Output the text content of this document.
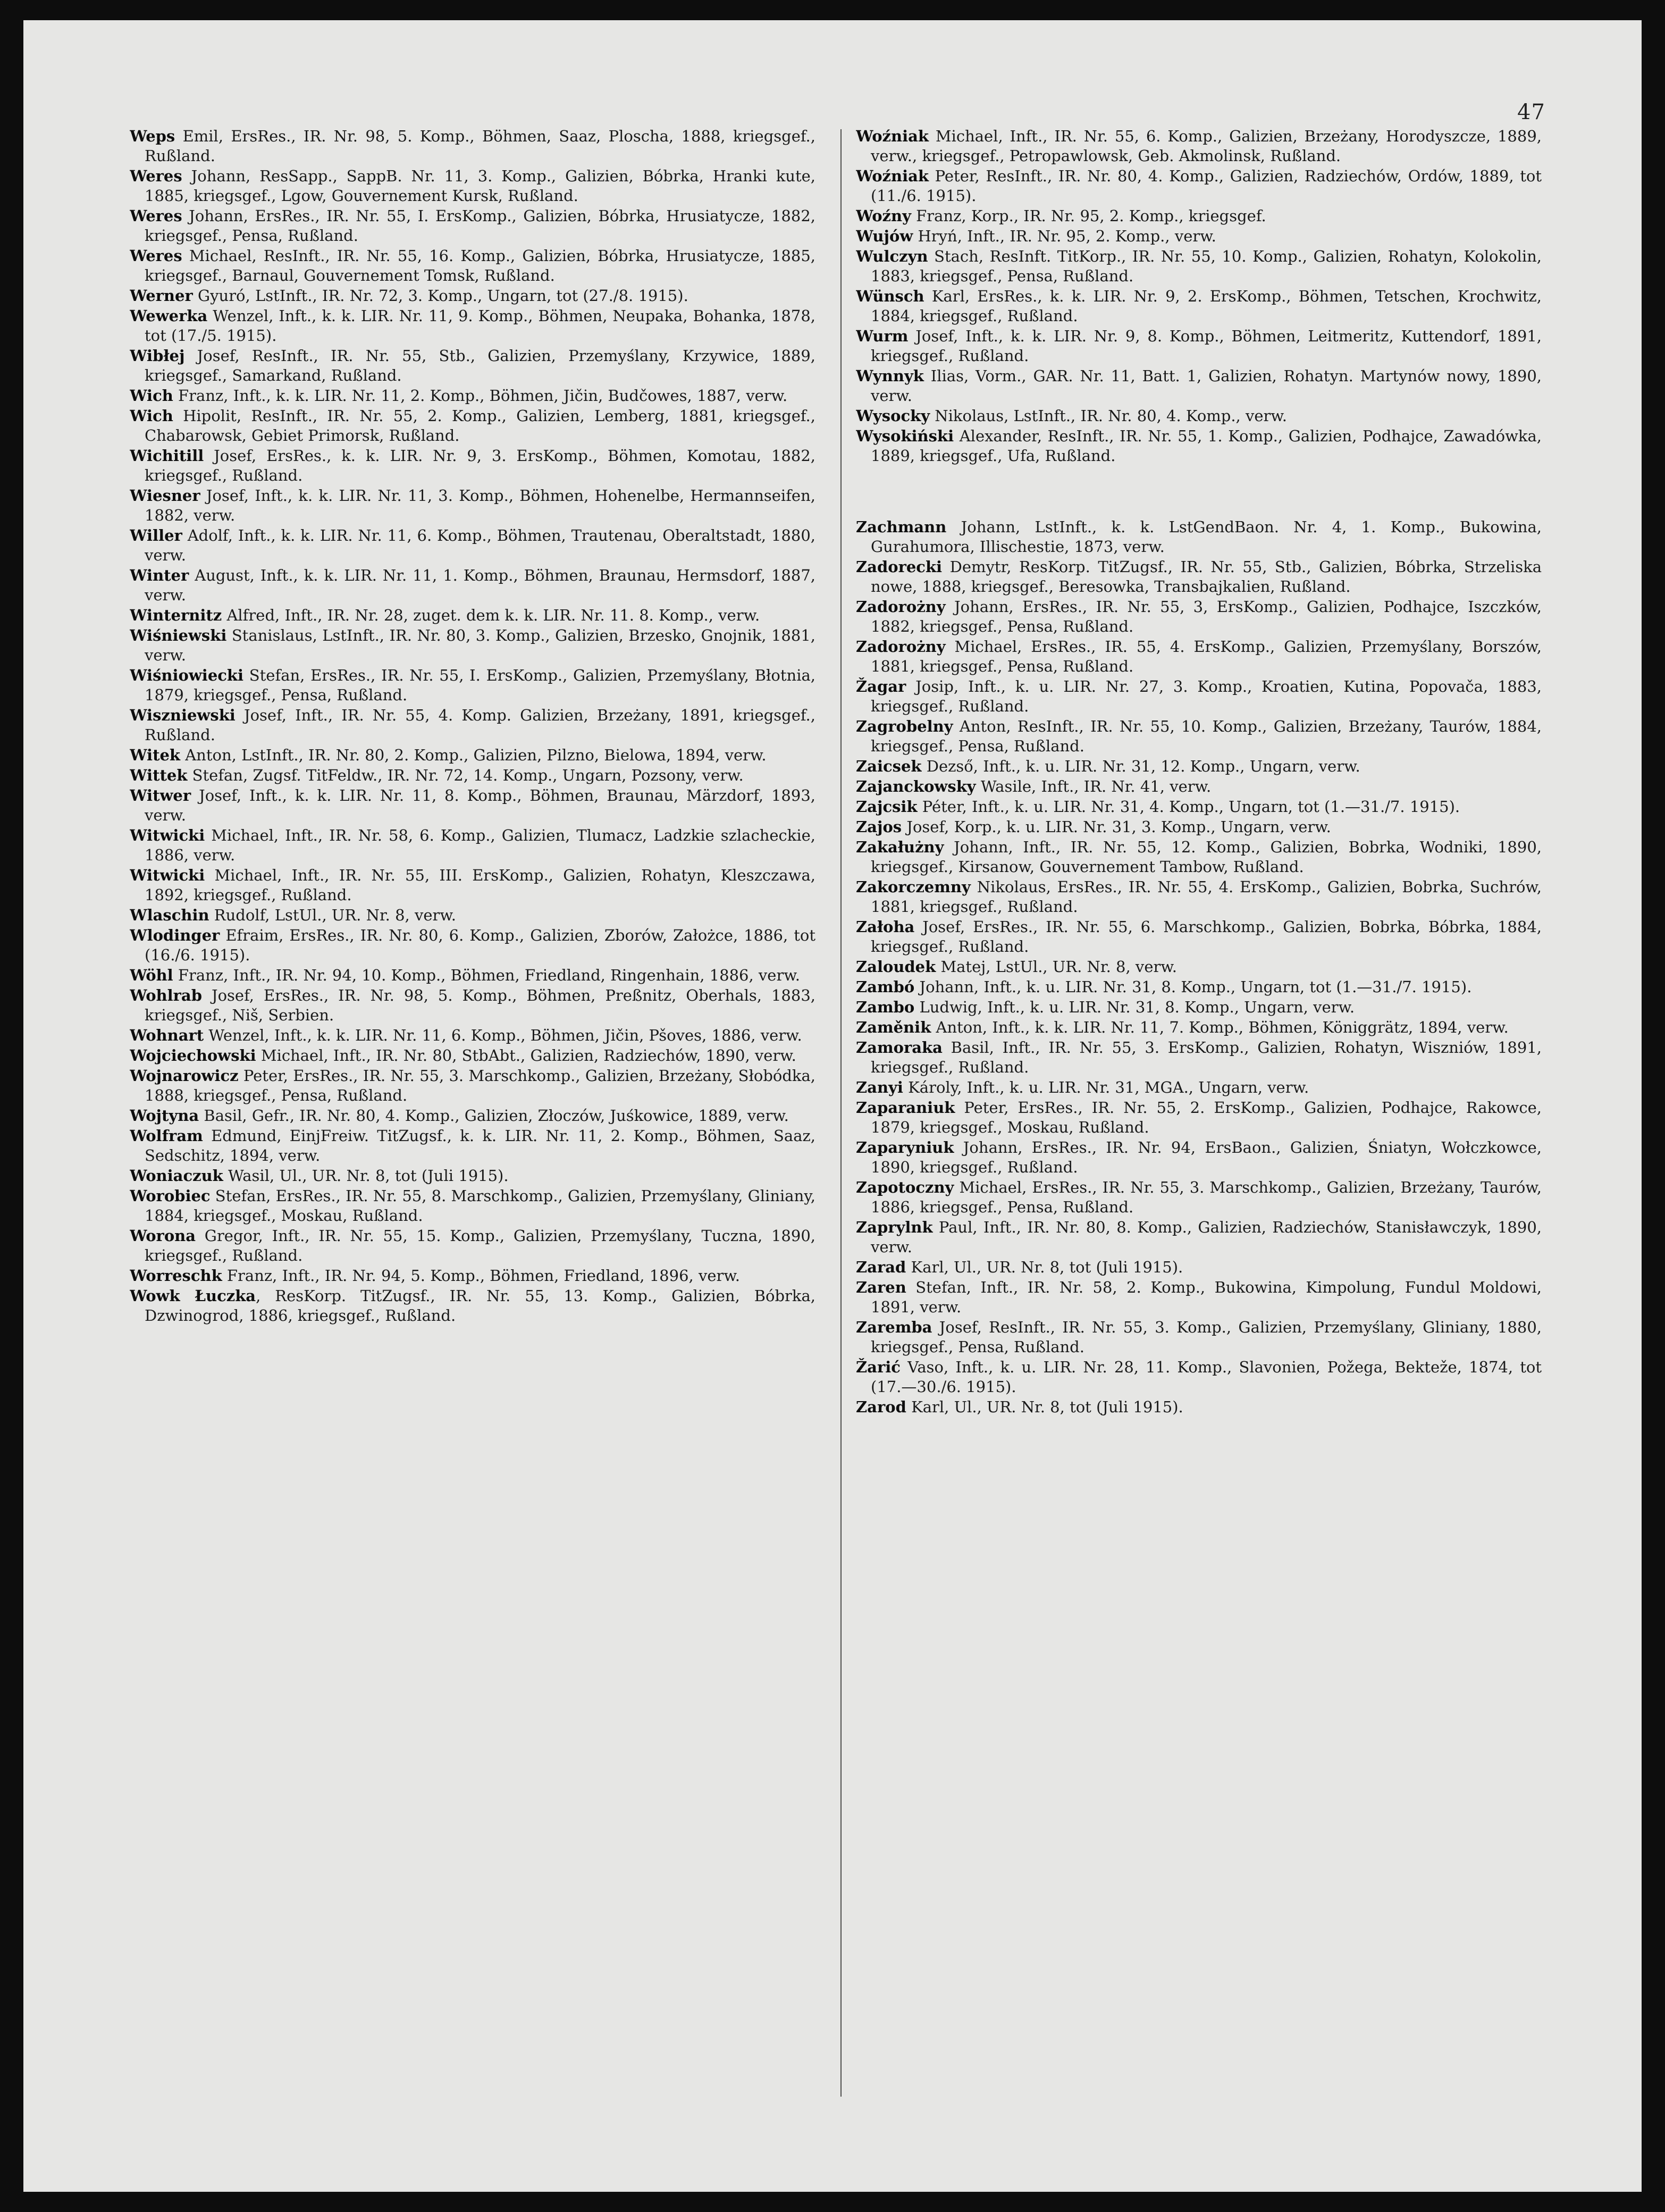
47

Weps Emil, ErsRes., IR. Nr. 98, 5. Komp., Böhmen, Saaz, Ploscha, 1888, kriegsgef., Rußland.

Weres Johann, ResSapp., SappB. Nr. 11, 3. Komp., Galizien, Bóbrka, Hranki kute, 1885, kriegsgef., Lgow, Gouvernement Kursk, Rußland.

Weres Johann, ErsRes., IR. Nr. 55, I. ErsKomp., Galizien, Bóbrka, Hrusiatycze, 1882, kriegsgef., Pensa, Rußland.

Weres Michael, ResInft., IR. Nr. 55, 16. Komp., Galizien, Bóbrka, Hrusiatycze, 1885, kriegsgef., Barnaul, Gouvernement Tomsk, Rußland.

Werner Gyuró, LstInft., IR. Nr. 72, 3. Komp., Ungarn, tot (27./8. 1915).

Wewerka Wenzel, Inft., k. k. LIR. Nr. 11, 9. Komp., Böhmen, Neupaka, Bohanka, 1878, tot (17./5. 1915).

Wibłej Josef, ResInft., IR. Nr. 55, Stb., Galizien, Przemyślany, Krzywice, 1889, kriegsgef., Samarkand, Rußland.

Wich Franz, Inft., k. k. LIR. Nr. 11, 2. Komp., Böhmen, Jičin, Budčowes, 1887, verw.

Wich Hipolit, ResInft., IR. Nr. 55, 2. Komp., Galizien, Lemberg, 1881, kriegsgef., Chabarowsk, Gebiet Primorsk, Rußland.

Wichitill Josef, ErsRes., k. k. LIR. Nr. 9, 3. ErsKomp., Böhmen, Komotau, 1882, kriegsgef., Rußland.

Wiesner Josef, Inft., k. k. LIR. Nr. 11, 3. Komp., Böhmen, Hohenelbe, Hermannseifen, 1882, verw.

Willer Adolf, Inft., k. k. LIR. Nr. 11, 6. Komp., Böhmen, Trautenau, Oberaltstadt, 1880, verw.

Winter August, Inft., k. k. LIR. Nr. 11, 1. Komp., Böhmen, Braunau, Hermsdorf, 1887, verw.

Winternitz Alfred, Inft., IR. Nr. 28, zuget. dem k. k. LIR. Nr. 11. 8. Komp., verw.

Wiśniewski Stanislaus, LstInft., IR. Nr. 80, 3. Komp., Galizien, Brzesko, Gnojnik, 1881, verw.

Wiśniowiecki Stefan, ErsRes., IR. Nr. 55, I. ErsKomp., Galizien, Przemyślany, Błotnia, 1879, kriegsgef., Pensa, Rußland.

Wiszniewski Josef, Inft., IR. Nr. 55, 4. Komp. Galizien, Brzeżany, 1891, kriegsgef., Rußland.

Witek Anton, LstInft., IR. Nr. 80, 2. Komp., Galizien, Pilzno, Bielowa, 1894, verw.

Wittek Stefan, Zugsf. TitFeldw., IR. Nr. 72, 14. Komp., Ungarn, Pozsony, verw.

Witwer Josef, Inft., k. k. LIR. Nr. 11, 8. Komp., Böhmen, Braunau, Märzdorf, 1893, verw.

Witwicki Michael, Inft., IR. Nr. 58, 6. Komp., Galizien, Tlumacz, Ladzkie szlacheckie, 1886, verw.

Witwicki Michael, Inft., IR. Nr. 55, III. ErsKomp., Galizien, Rohatyn, Kleszczawa, 1892, kriegsgef., Rußland.

Wlaschin Rudolf, LstUl., UR. Nr. 8, verw.

Wlodinger Efraim, ErsRes., IR. Nr. 80, 6. Komp., Galizien, Zborów, Założce, 1886, tot (16./6. 1915).

Wöhl Franz, Inft., IR. Nr. 94, 10. Komp., Böhmen, Friedland, Ringenhain, 1886, verw.

Wohlrab Josef, ErsRes., IR. Nr. 98, 5. Komp., Böhmen, Preßnitz, Oberhals, 1883, kriegsgef., Niš, Serbien.

Wohnart Wenzel, Inft., k. k. LIR. Nr. 11, 6. Komp., Böhmen, Jičin, Pšoves, 1886, verw.

Wojciechowski Michael, Inft., IR. Nr. 80, StbAbt., Galizien, Radziechów, 1890, verw.

Wojnarowicz Peter, ErsRes., IR. Nr. 55, 3. Marschkomp., Galizien, Brzeżany, Słobódka, 1888, kriegsgef., Pensa, Rußland.

Wojtyna Basil, Gefr., IR. Nr. 80, 4. Komp., Galizien, Złoczów, Juśkowice, 1889, verw.

Wolfram Edmund, EinjFreiw. TitZugsf., k. k. LIR. Nr. 11, 2. Komp., Böhmen, Saaz, Sedschitz, 1894, verw.

Woniaczuk Wasil, Ul., UR. Nr. 8, tot (Juli 1915).

Worobiec Stefan, ErsRes., IR. Nr. 55, 8. Marschkomp., Galizien, Przemyślany, Gliniany, 1884, kriegsgef., Moskau, Rußland.

Worona Gregor, Inft., IR. Nr. 55, 15. Komp., Galizien, Przemyślany, Tuczna, 1890, kriegsgef., Rußland.

Worreschk Franz, Inft., IR. Nr. 94, 5. Komp., Böhmen, Friedland, 1896, verw.

Wowk Łuczka, ResKorp. TitZugsf., IR. Nr. 55, 13. Komp., Galizien, Bóbrka, Dzwinogrod, 1886, kriegsgef., Rußland.

Woźniak Michael, Inft., IR. Nr. 55, 6. Komp., Galizien, Brzeżany, Horodyszcze, 1889, verw., kriegsgef., Petropawlowsk, Geb. Akmolinsk, Rußland.

Woźniak Peter, ResInft., IR. Nr. 80, 4. Komp., Galizien, Radziechów, Ordów, 1889, tot (11./6. 1915).

Woźny Franz, Korp., IR. Nr. 95, 2. Komp., kriegsgef.

Wujów Hryń, Inft., IR. Nr. 95, 2. Komp., verw.

Wulczyn Stach, ResInft. TitKorp., IR. Nr. 55, 10. Komp., Galizien, Rohatyn, Kolokolin, 1883, kriegsgef., Pensa, Rußland.

Wünsch Karl, ErsRes., k. k. LIR. Nr. 9, 2. ErsKomp., Böhmen, Tetschen, Krochwitz, 1884, kriegsgef., Rußland.

Wurm Josef, Inft., k. k. LIR. Nr. 9, 8. Komp., Böhmen, Leitmeritz, Kuttendorf, 1891, kriegsgef., Rußland.

Wynnyk Ilias, Vorm., GAR. Nr. 11, Batt. 1, Galizien, Rohatyn. Martynów nowy, 1890, verw.

Wysocky Nikolaus, LstInft., IR. Nr. 80, 4. Komp., verw.

Wysokiński Alexander, ResInft., IR. Nr. 55, 1. Komp., Galizien, Podhajce, Zawadówka, 1889, kriegsgef., Ufa, Rußland.

Zachmann Johann, LstInft., k. k. LstGendBaon. Nr. 4, 1. Komp., Bukowina, Gurahumora, Illischestie, 1873, verw.

Zadorecki Demytr, ResKorp. TitZugsf., IR. Nr. 55, Stb., Galizien, Bóbrka, Strzeliska nowe, 1888, kriegsgef., Beresowka, Transbajkalien, Rußland.

Zadorożny Johann, ErsRes., IR. Nr. 55, 3, ErsKomp., Galizien, Podhajce, Iszczków, 1882, kriegsgef., Pensa, Rußland.

Zadorożny Michael, ErsRes., IR. 55, 4. ErsKomp., Galizien, Przemyślany, Borszów, 1881, kriegsgef., Pensa, Rußland.

Žagar Josip, Inft., k. u. LIR. Nr. 27, 3. Komp., Kroatien, Kutina, Popovača, 1883, kriegsgef., Rußland.

Zagrobelny Anton, ResInft., IR. Nr. 55, 10. Komp., Galizien, Brzeżany, Taurów, 1884, kriegsgef., Pensa, Rußland.

Zaicsek Dezső, Inft., k. u. LIR. Nr. 31, 12. Komp., Ungarn, verw.

Zajanckowsky Wasile, Inft., IR. Nr. 41, verw.

Zajcsik Péter, Inft., k. u. LIR. Nr. 31, 4. Komp., Ungarn, tot (1.—31./7. 1915).

Zajos Josef, Korp., k. u. LIR. Nr. 31, 3. Komp., Ungarn, verw.

Zakałużny Johann, Inft., IR. Nr. 55, 12. Komp., Galizien, Bobrka, Wodniki, 1890, kriegsgef., Kirsanow, Gouvernement Tambow, Rußland.

Zakorczemny Nikolaus, ErsRes., IR. Nr. 55, 4. ErsKomp., Galizien, Bobrka, Suchrów, 1881, kriegsgef., Rußland.

Załoha Josef, ErsRes., IR. Nr. 55, 6. Marschkomp., Galizien, Bobrka, Bóbrka, 1884, kriegsgef., Rußland.

Zaloudek Matej, LstUl., UR. Nr. 8, verw.

Zambó Johann, Inft., k. u. LIR. Nr. 31, 8. Komp., Ungarn, tot (1.—31./7. 1915).

Zambo Ludwig, Inft., k. u. LIR. Nr. 31, 8. Komp., Ungarn, verw.

Zaměnik Anton, Inft., k. k. LIR. Nr. 11, 7. Komp., Böhmen, Königgrätz, 1894, verw.

Zamoraka Basil, Inft., IR. Nr. 55, 3. ErsKomp., Galizien, Rohatyn, Wiszniów, 1891, kriegsgef., Rußland.

Zanyi Károly, Inft., k. u. LIR. Nr. 31, MGA., Ungarn, verw.

Zaparaniuk Peter, ErsRes., IR. Nr. 55, 2. ErsKomp., Galizien, Podhajce, Rakowce, 1879, kriegsgef., Moskau, Rußland.

Zaparyniuk Johann, ErsRes., IR. Nr. 94, ErsBaon., Galizien, Śniatyn, Wołczkowce, 1890, kriegsgef., Rußland.

Zapotoczny Michael, ErsRes., IR. Nr. 55, 3. Marschkomp., Galizien, Brzeżany, Taurów, 1886, kriegsgef., Pensa, Rußland.

Zaprylnk Paul, Inft., IR. Nr. 80, 8. Komp., Galizien, Radziechów, Stanisławczyk, 1890, verw.

Zarad Karl, Ul., UR. Nr. 8, tot (Juli 1915).

Zaren Stefan, Inft., IR. Nr. 58, 2. Komp., Bukowina, Kimpolung, Fundul Moldowi, 1891, verw.

Zaremba Josef, ResInft., IR. Nr. 55, 3. Komp., Galizien, Przemyślany, Gliniany, 1880, kriegsgef., Pensa, Rußland.

Žarić Vaso, Inft., k. u. LIR. Nr. 28, 11. Komp., Slavonien, Požega, Bekteže, 1874, tot (17.—30./6. 1915).

Zarod Karl, Ul., UR. Nr. 8, tot (Juli 1915).
